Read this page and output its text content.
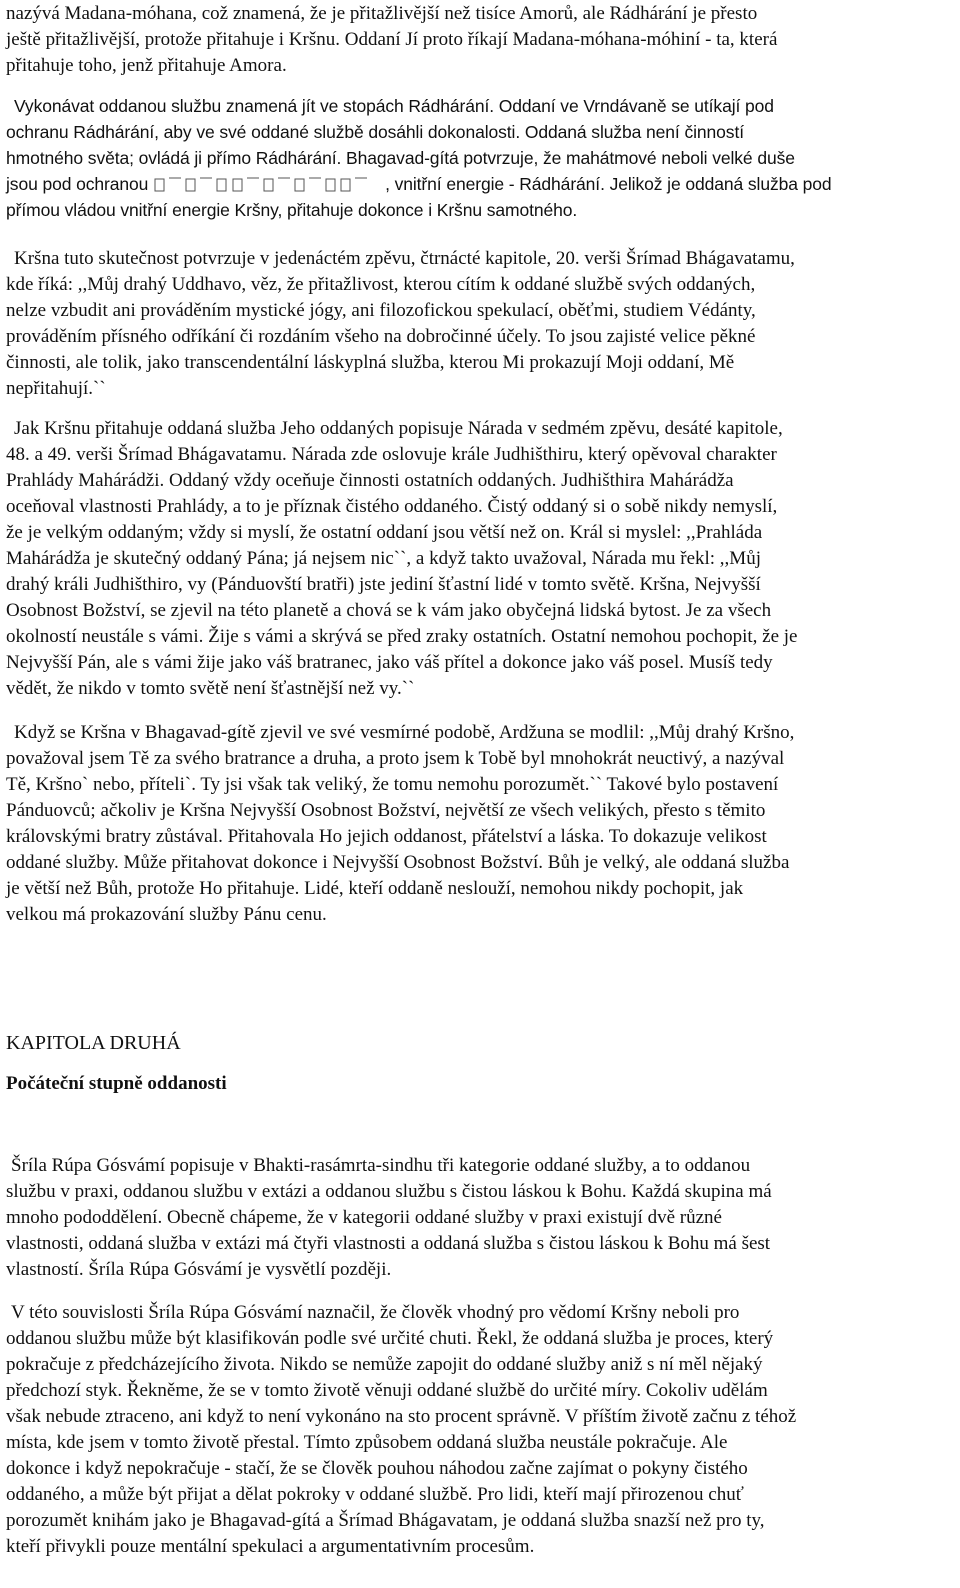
nazývá Madana-móhana, což znamená, že je přitažlivější než tisíce Amorů, ale Rádhárání je přesto
ještě přitažlivější, protože přitahuje i Kršnu. Oddaní Jí proto říkají Madana-móhana-móhiní - ta, která
přitahuje toho, jenž přitahuje Amora.

Vykonávat oddanou službu znamená jít ve stopách Rádhárání. Oddaní ve Vrndávaně se utíkají pod
ochranu Rádhárání, aby ve své oddané službě dosáhli dokonalosti. Oddaná služba není činností
hmotného světa; ovládá ji přímo Rádhárání. Bhagavad-gítá potvrzuje, že mahátmové neboli velké duše
jsou pod ochranou	, vnitřní energie - Rádhárání. Jelikož je oddaná služba pod
přímou vládou vnitřní energie Kršny, přitahuje dokonce i Kršnu samotného.

Kršna tuto skutečnost potvrzuje v jedenáctém zpěvu, čtrnácté kapitole, 20. verši Šrímad Bhágavatamu,
kde říká: ,,Můj drahý Uddhavo, věz, že přitažlivost, kterou cítím k oddané službě svých oddaných,
nelze vzbudit ani prováděním mystické jógy, ani filozofickou spekulací, oběťmi, studiem Védánty,
prováděním přísného odříkání či rozdáním všeho na dobročinné účely. To jsou zajisté velice pěkné
činnosti, ale tolik, jako transcendentální láskyplná služba, kterou Mi prokazují Moji oddaní, Mě
nepřitahují.``

Jak Kršnu přitahuje oddaná služba Jeho oddaných popisuje Nárada v sedmém zpěvu, desáté kapitole,
48. a 49. verši Šrímad Bhágavatamu. Nárada zde oslovuje krále Judhišthiru, který opěvoval charakter
Prahlády Mahárádži. Oddaný vždy oceňuje činnosti ostatních oddaných. Judhišthira Mahárádža
oceňoval vlastnosti Prahlády, a to je příznak čistého oddaného. Čistý oddaný si o sobě nikdy nemyslí,
že je velkým oddaným; vždy si myslí, že ostatní oddaní jsou větší než on. Král si myslel: ,,Prahláda
Mahárádža je skutečný oddaný Pána; já nejsem nic``, a když takto uvažoval, Nárada mu řekl: ,,Můj
drahý králi Judhišthiro, vy (Pánduovští bratři) jste jediní šťastní lidé v tomto světě. Kršna, Nejvyšší
Osobnost Božství, se zjevil na této planetě a chová se k vám jako obyčejná lidská bytost. Je za všech
okolností neustále s vámi. Žije s vámi a skrývá se před zraky ostatních. Ostatní nemohou pochopit, že je
Nejvyšší Pán, ale s vámi žije jako váš bratranec, jako váš přítel a dokonce jako váš posel. Musíš tedy
vědět, že nikdo v tomto světě není šťastnější než vy.``

Když se Kršna v Bhagavad-gítě zjevil ve své vesmírné podobě, Ardžuna se modlil: ,,Můj drahý Kršno,
považoval jsem Tě za svého bratrance a druha, a proto jsem k Tobě byl mnohokrát neuctivý, a nazýval
Tě, Kršno` nebo, příteli`. Ty jsi však tak veliký, že tomu nemohu porozumět.`` Takové bylo postavení
Pánduovců; ačkoliv je Kršna Nejvyšší Osobnost Božství, největší ze všech velikých, přesto s těmito
královskými bratry zůstával. Přitahovala Ho jejich oddanost, přátelství a láska. To dokazuje velikost
oddané služby. Může přitahovat dokonce i Nejvyšší Osobnost Božství. Bůh je velký, ale oddaná služba
je větší než Bůh, protože Ho přitahuje. Lidé, kteří oddaně neslouží, nemohou nikdy pochopit, jak
velkou má prokazování služby Pánu cenu.

KAPITOLA DRUHÁ
Počáteční stupně oddanosti

Šríla Rúpa Gósvámí popisuje v Bhakti-rasámrta-sindhu tři kategorie oddané služby, a to oddanou
službu v praxi, oddanou službu v extázi a oddanou službu s čistou láskou k Bohu. Každá skupina má
mnoho pododdělení. Obecně chápeme, že v kategorii oddané služby v praxi existují dvě různé
vlastnosti, oddaná služba v extázi má čtyři vlastnosti a oddaná služba s čistou láskou k Bohu má šest
vlastností. Šríla Rúpa Gósvámí je vysvětlí později.

V této souvislosti Šríla Rúpa Gósvámí naznačil, že člověk vhodný pro vědomí Kršny neboli pro
oddanou službu může být klasifikován podle své určité chuti. Řekl, že oddaná služba je proces, který
pokračuje z předcházejícího života. Nikdo se nemůže zapojit do oddané služby aniž s ní měl nějaký
předchozí styk. Řekněme, že se v tomto životě věnuji oddané službě do určité míry. Cokoliv udělám
však nebude ztraceno, ani když to není vykonáno na sto procent správně. V příštím životě začnu z téhož
místa, kde jsem v tomto životě přestal. Tímto způsobem oddaná služba neustále pokračuje. Ale
dokonce i když nepokračuje - stačí, že se člověk pouhou náhodou začne zajímat o pokyny čistého
oddaného, a může být přijat a dělat pokroky v oddané službě. Pro lidi, kteří mají přirozenou chuť
porozumět knihám jako je Bhagavad-gítá a Šrímad Bhágavatam, je oddaná služba snazší než pro ty,
kteří přivykli pouze mentální spekulaci a argumentativním procesům.
